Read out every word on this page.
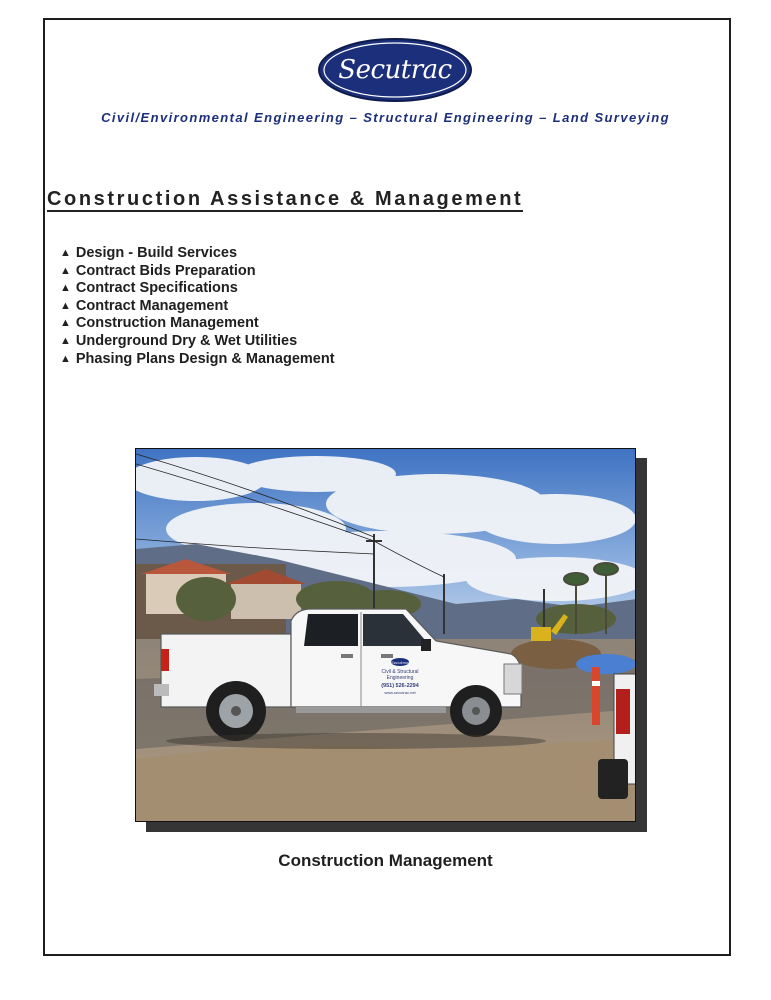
Secutrac
Civil/Environmental Engineering – Structural Engineering – Land Surveying
Construction Assistance & Management
▲ Design - Build Services
▲ Contract Bids Preparation
▲ Contract Specifications
▲ Contract Management
▲ Construction Management
▲ Underground Dry & Wet Utilities
▲ Phasing Plans Design & Management
Secutrac
Civil & Structural
Engineering
(951) 526-2294
www.secutrac.net
Construction Management
